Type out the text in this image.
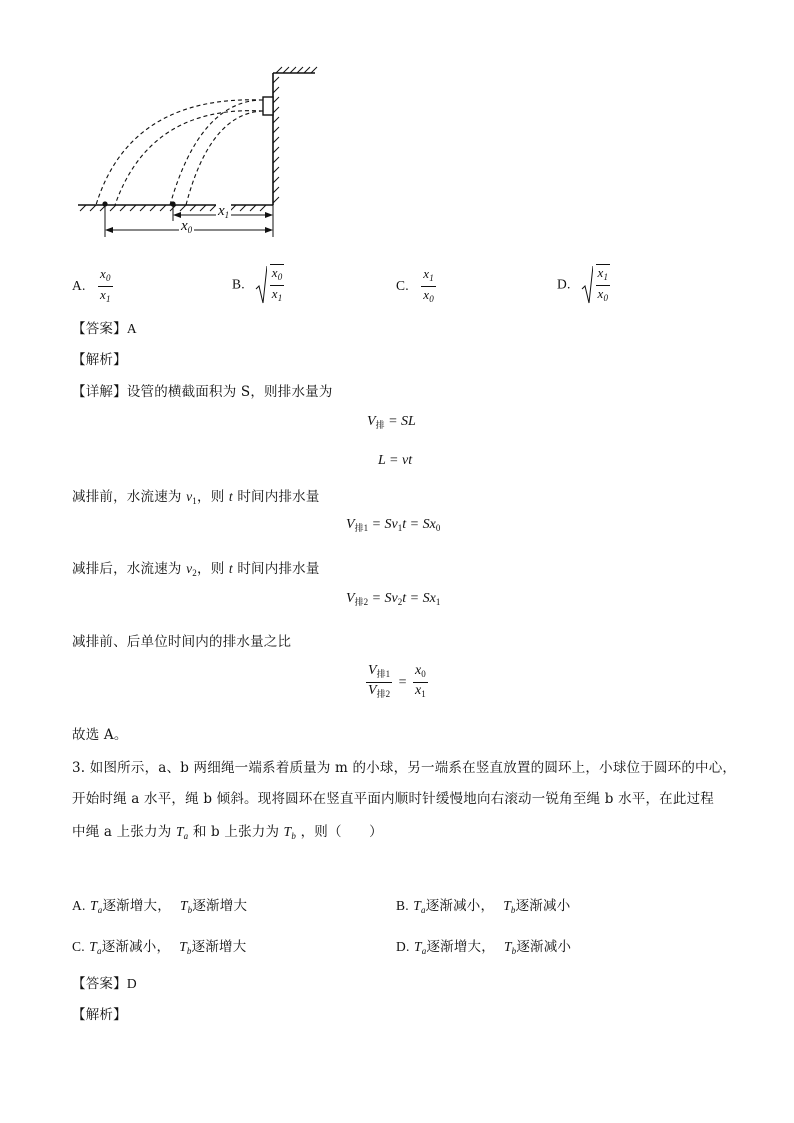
$x_1$
$x_0$
A. $\frac{x_0}{x_1}$	B. $\frac{x_0}{x_1}$	C. $\frac{x_1}{x_0}$	D. $\frac{x_1}{x_0}$
【答案】A
【解析】
【详解】设管的横截面积为 S，则排水量为
$V_排$ = SL
L = vt
减排前，水流速为 $v_1$，则 t 时间内排水量
$V_{排1} = Sv_1t = Sx_0$
减排后，水流速为 $v_2$，则 t 时间内排水量
$V_{排2} = Sv_2t = Sx_1$
减排前、后单位时间内的排水量之比
$\frac{V_{排1}}{V_{排2}} = \frac{x_0}{x_1}$
故选 A。
3. 如图所示，a、b 两细绳一端系着质量为 m 的小球，另一端系在竖直放置的圆环上，小球位于圆环的中心，
开始时绳 a 水平，绳 b 倾斜。现将圆环在竖直平面内顺时针缓慢地向右滚动一锐角至绳 b 水平，在此过程
中绳 a 上张力为 $T_a$ 和 b 上张力为 $T_b$ ，则（　　）
A. $T_a$逐渐增大， $T_b$逐渐增大	B. $T_a$逐渐减小， $T_b$逐渐减小
C. $T_a$逐渐减小， $T_b$逐渐增大	D. $T_a$逐渐增大， $T_b$逐渐减小
【答案】D
【解析】
